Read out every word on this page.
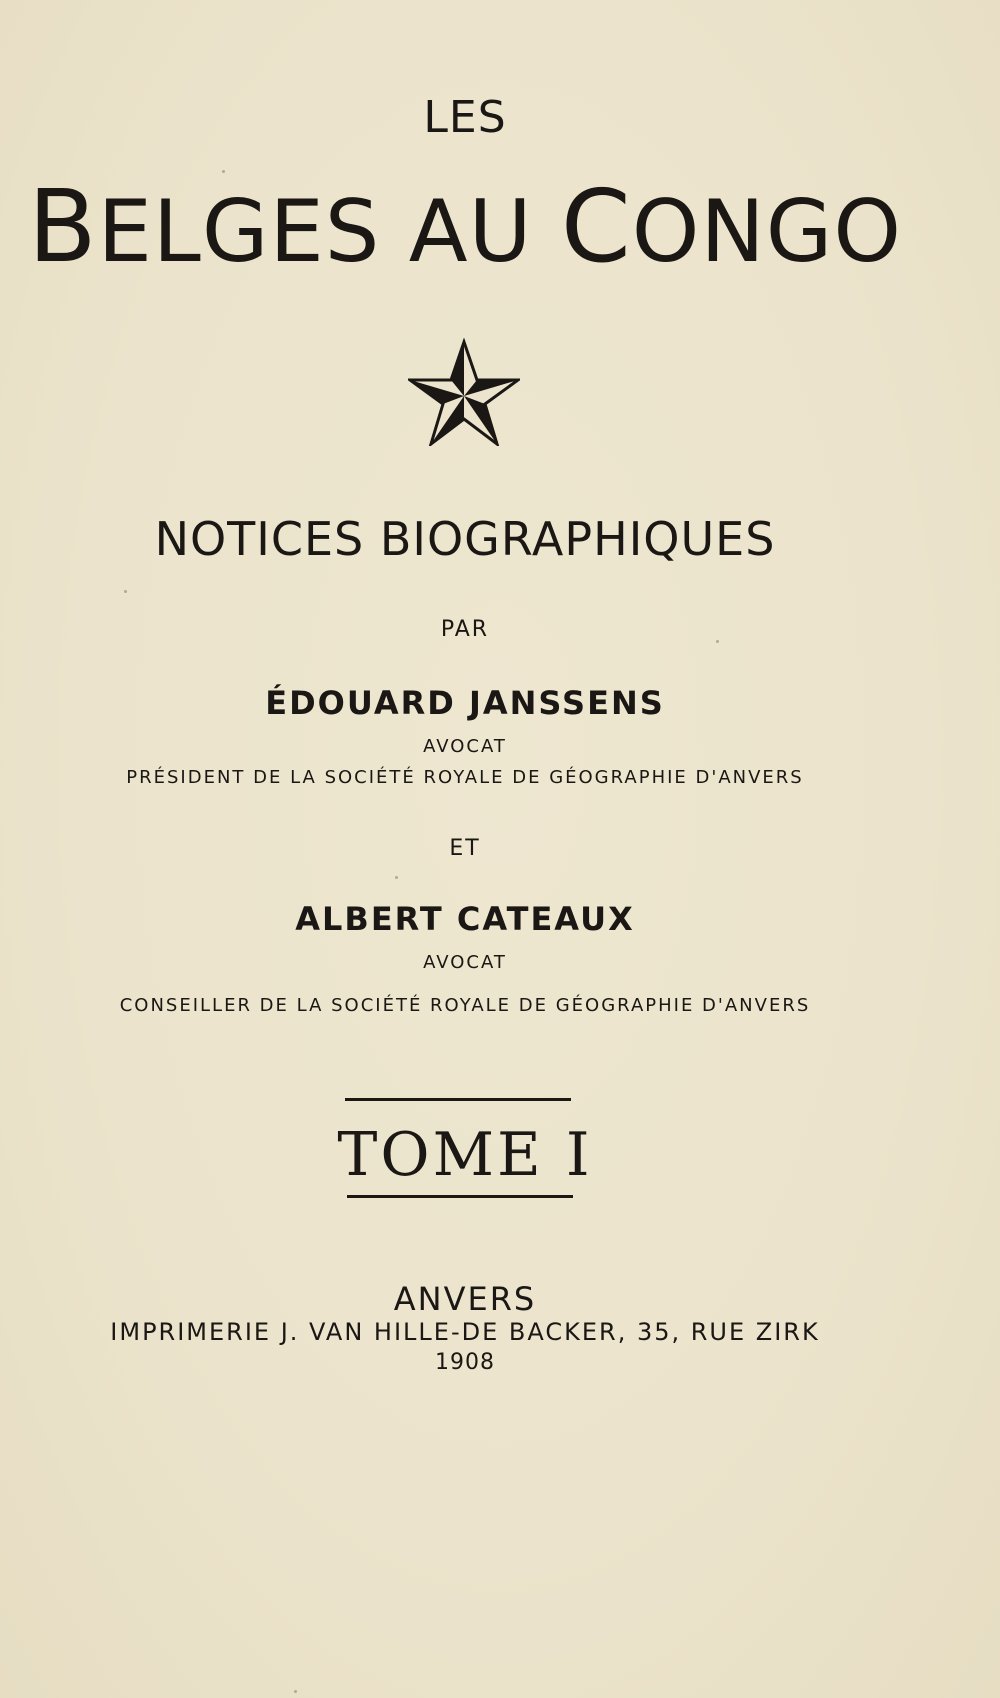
LES
BELGES AU CONGO
NOTICES BIOGRAPHIQUES
PAR
ÉDOUARD JANSSENS
AVOCAT
PRÉSIDENT DE LA SOCIÉTÉ ROYALE DE GÉOGRAPHIE D'ANVERS
ET
ALBERT CATEAUX
AVOCAT
CONSEILLER DE LA SOCIÉTÉ ROYALE DE GÉOGRAPHIE D'ANVERS
TOME I
ANVERS
IMPRIMERIE J. VAN HILLE-DE BACKER, 35, RUE ZIRK
1908
